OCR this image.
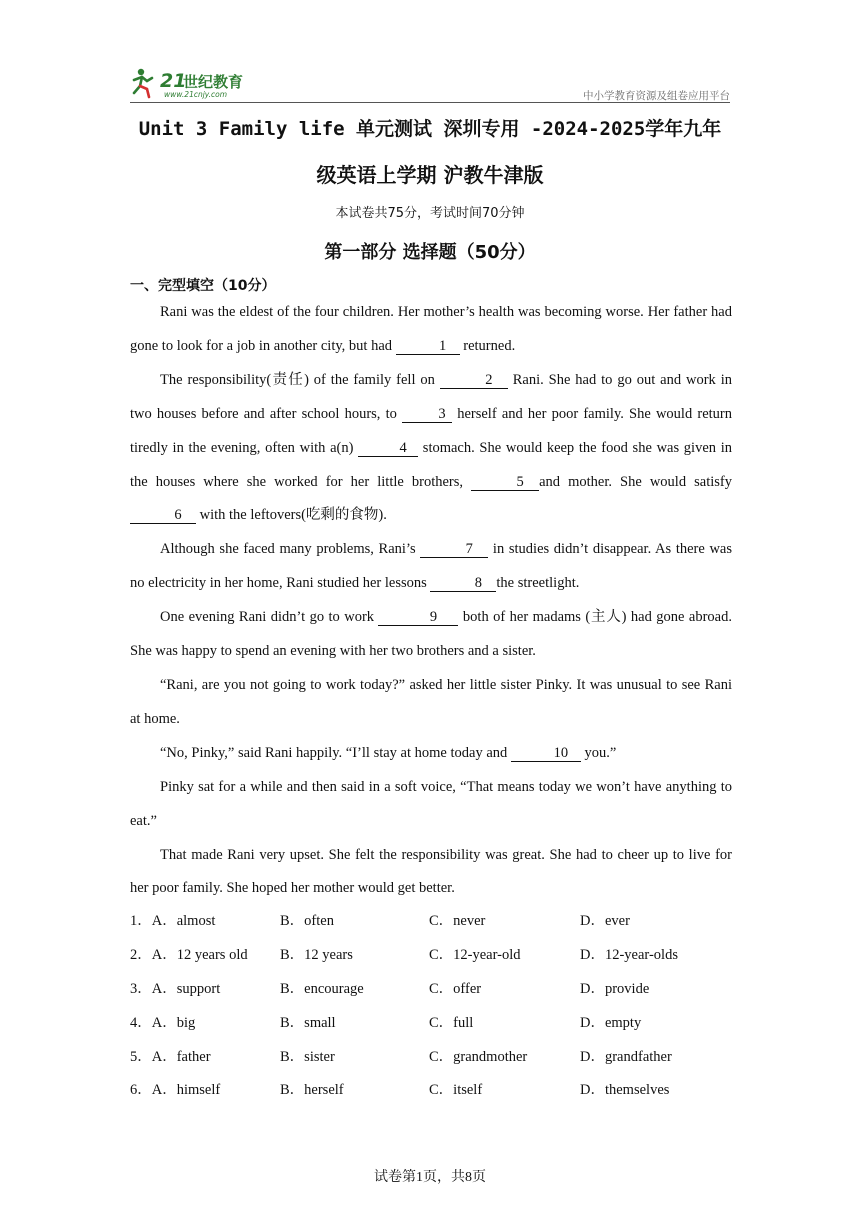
21
世纪教育
www.21cnjy.com	中小学教育资源及组卷应用平台
Unit 3 Family life 单元测试 深圳专用 -2024-2025学年九年
级英语上学期 沪教牛津版
本试卷共75分，考试时间70分钟
第一部分 选择题（50分）
一、完型填空（10分）

Rani was the eldest of the four children. Her mother’s health was becoming worse. Her father had gone to look for a job in another city, but had	1 returned.

The responsibility(责任) of the family fell on	2 Rani. She had to go out and work in two houses before and after school hours, to	3 herself and her poor family. She would return tiredly in the evening, often with a(n)	4 stomach. She would keep the food she was given in the houses where she worked for her little brothers,	5 and mother. She would satisfy 6 with the leftovers(吃剩的食物).

Although she faced many problems, Rani’s	7 in studies didn’t disappear. As there was no electricity in her home, Rani studied her lessons	8 the streetlight.

One evening Rani didn’t go to work	9 both of her madams (主人) had gone abroad. She was happy to spend an evening with her two brothers and a sister.

“Rani, are you not going to work today?” asked her little sister Pinky. It was unusual to see Rani at home.

“No, Pinky,” said Rani happily. “I’ll stay at home today and	10 you.”

Pinky sat for a while and then said in a soft voice, “That means today we won’t have anything to eat.”

That made Rani very upset. She felt the responsibility was great. She had to cheer up to live for her poor family. She hoped her mother would get better.

1．A．almost	B．often	C．never	D．ever
2．A．12 years old B．12 years	C．12-year-old	D．12-year-olds
3．A．support	B．encourage	C．offer	D．provide
4．A．big	B．small	C．full	D．empty
5．A．father	B．sister	C．grandmother	D．grandfather
6．A．himself	B．herself	C．itself	D．themselves
试卷第1页，共8页
